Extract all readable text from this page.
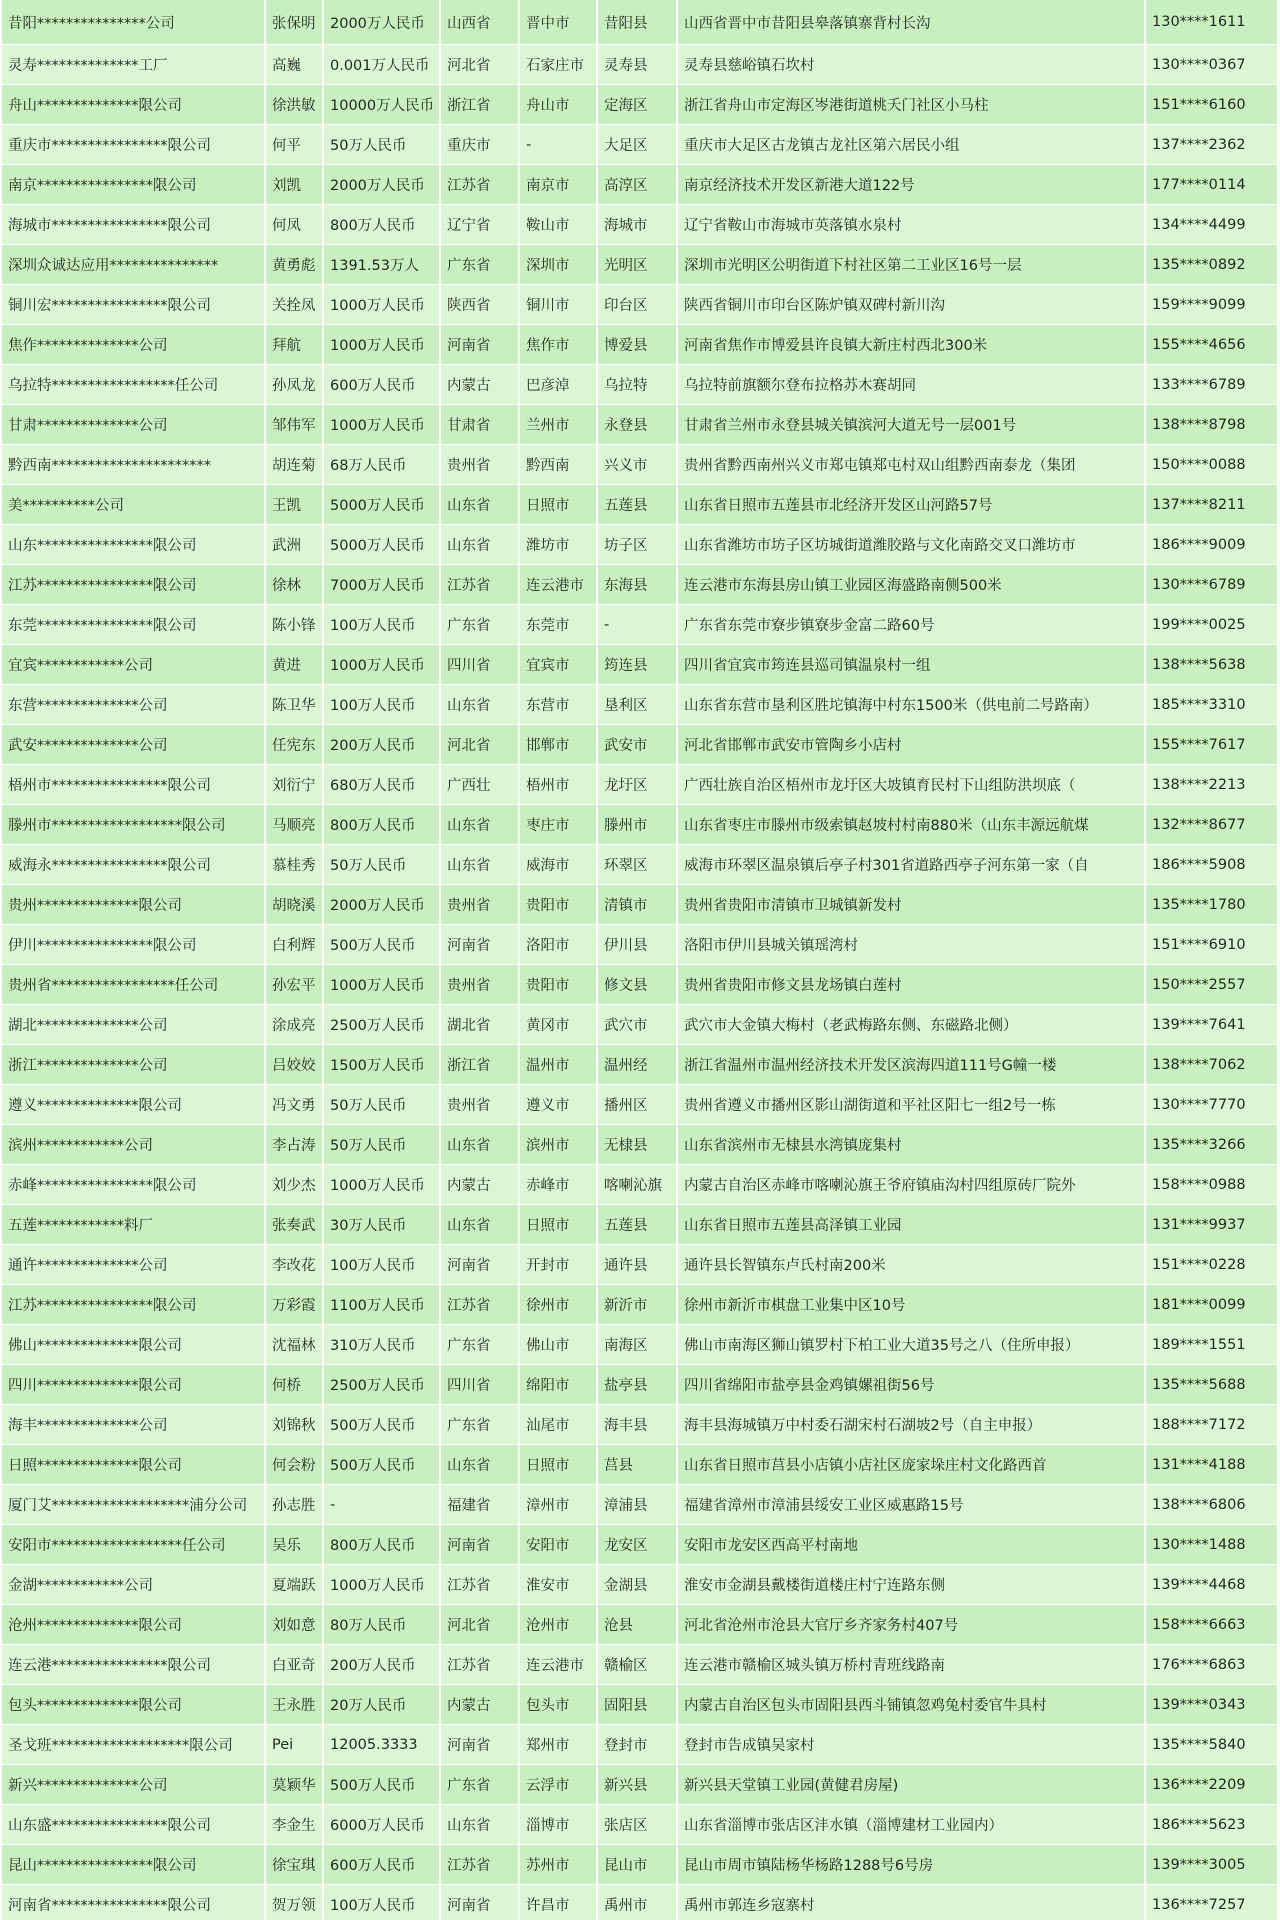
昔阳***************公司	张保明	2000万人民币	山西省	晋中市	昔阳县	山西省晋中市昔阳县皋落镇寨背村长沟	130****1611
灵寿**************工厂	高巍	0.001万人民币	河北省	石家庄市	灵寿县	灵寿县慈峪镇石坎村	130****0367
舟山**************限公司	徐洪敏	10000万人民币	浙江省	舟山市	定海区	浙江省舟山市定海区岑港街道桃夭门社区小马柱	151****6160
重庆市****************限公司	何平	50万人民币	重庆市	-	大足区	重庆市大足区古龙镇古龙社区第六居民小组	137****2362
南京****************限公司	刘凯	2000万人民币	江苏省	南京市	高淳区	南京经济技术开发区新港大道122号	177****0114
海城市****************限公司	何凤	800万人民币	辽宁省	鞍山市	海城市	辽宁省鞍山市海城市英落镇水泉村	134****4499
深圳众诚达应用***************	黄勇彪	1391.53万人	广东省	深圳市	光明区	深圳市光明区公明街道下村社区第二工业区16号一层	135****0892
铜川宏****************限公司	关拴凤	1000万人民币	陕西省	铜川市	印台区	陕西省铜川市印台区陈炉镇双碑村新川沟	159****9099
焦作**************公司	拜航	1000万人民币	河南省	焦作市	博爱县	河南省焦作市博爱县许良镇大新庄村西北300米	155****4656
乌拉特*****************任公司	孙凤龙	600万人民币	内蒙古	巴彦淖	乌拉特	乌拉特前旗额尔登布拉格苏木赛胡同	133****6789
甘肃**************公司	邹伟军	1000万人民币	甘肃省	兰州市	永登县	甘肃省兰州市永登县城关镇滨河大道无号一层001号	138****8798
黔西南**********************	胡连菊	68万人民币	贵州省	黔西南	兴义市	贵州省黔西南州兴义市郑屯镇郑屯村双山组黔西南泰龙（集团	150****0088
美**********公司	王凯	5000万人民币	山东省	日照市	五莲县	山东省日照市五莲县市北经济开发区山河路57号	137****8211
山东****************限公司	武洲	5000万人民币	山东省	潍坊市	坊子区	山东省潍坊市坊子区坊城街道潍胶路与文化南路交叉口潍坊市	186****9009
江苏****************限公司	徐林	7000万人民币	江苏省	连云港市	东海县	连云港市东海县房山镇工业园区海盛路南侧500米	130****6789
东莞****************限公司	陈小锋	100万人民币	广东省	东莞市	-	广东省东莞市寮步镇寮步金富二路60号	199****0025
宜宾************公司	黄进	1000万人民币	四川省	宜宾市	筠连县	四川省宜宾市筠连县巡司镇温泉村一组	138****5638
东营**************公司	陈卫华	100万人民币	山东省	东营市	垦利区	山东省东营市垦利区胜坨镇海中村东1500米（供电前二号路南）	185****3310
武安**************公司	任宪东	200万人民币	河北省	邯郸市	武安市	河北省邯郸市武安市管陶乡小店村	155****7617
梧州市****************限公司	刘衍宁	680万人民币	广西壮	梧州市	龙圩区	广西壮族自治区梧州市龙圩区大坡镇育民村下山组防洪坝底（	138****2213
滕州市******************限公司	马顺亮	800万人民币	山东省	枣庄市	滕州市	山东省枣庄市滕州市级索镇赵坡村村南880米（山东丰源远航煤	132****8677
威海永****************限公司	慕桂秀	50万人民币	山东省	威海市	环翠区	威海市环翠区温泉镇后亭子村301省道路西亭子河东第一家（自	186****5908
贵州**************限公司	胡晓溪	2000万人民币	贵州省	贵阳市	清镇市	贵州省贵阳市清镇市卫城镇新发村	135****1780
伊川****************限公司	白利辉	500万人民币	河南省	洛阳市	伊川县	洛阳市伊川县城关镇瑶湾村	151****6910
贵州省*****************任公司	孙宏平	1000万人民币	贵州省	贵阳市	修文县	贵州省贵阳市修文县龙场镇白莲村	150****2557
湖北**************公司	涂成亮	2500万人民币	湖北省	黄冈市	武穴市	武穴市大金镇大梅村（老武梅路东侧、东磁路北侧）	139****7641
浙江**************公司	吕姣姣	1500万人民币	浙江省	温州市	温州经	浙江省温州市温州经济技术开发区滨海四道111号G幢一楼	138****7062
遵义**************限公司	冯文勇	50万人民币	贵州省	遵义市	播州区	贵州省遵义市播州区影山湖街道和平社区阳七一组2号一栋	130****7770
滨州************公司	李占涛	50万人民币	山东省	滨州市	无棣县	山东省滨州市无棣县水湾镇庞集村	135****3266
赤峰****************限公司	刘少杰	1000万人民币	内蒙古	赤峰市	喀喇沁旗	内蒙古自治区赤峰市喀喇沁旗王爷府镇庙沟村四组原砖厂院外	158****0988
五莲************料厂	张奏武	30万人民币	山东省	日照市	五莲县	山东省日照市五莲县高泽镇工业园	131****9937
通许**************公司	李改花	100万人民币	河南省	开封市	通许县	通许县长智镇东卢氏村南200米	151****0228
江苏****************限公司	万彩霞	1100万人民币	江苏省	徐州市	新沂市	徐州市新沂市棋盘工业集中区10号	181****0099
佛山**************限公司	沈福林	310万人民币	广东省	佛山市	南海区	佛山市南海区狮山镇罗村下柏工业大道35号之八（住所申报）	189****1551
四川**************限公司	何桥	2500万人民币	四川省	绵阳市	盐亭县	四川省绵阳市盐亭县金鸡镇嫘祖街56号	135****5688
海丰**************公司	刘锦秋	500万人民币	广东省	汕尾市	海丰县	海丰县海城镇万中村委石湖宋村石湖坡2号（自主申报）	188****7172
日照**************限公司	何会粉	500万人民币	山东省	日照市	莒县	山东省日照市莒县小店镇小店社区庞家垛庄村文化路西首	131****4188
厦门艾*******************浦分公司	孙志胜	-	福建省	漳州市	漳浦县	福建省漳州市漳浦县绥安工业区威惠路15号	138****6806
安阳市******************任公司	吴乐	800万人民币	河南省	安阳市	龙安区	安阳市龙安区西高平村南地	130****1488
金湖************公司	夏端跃	1000万人民币	江苏省	淮安市	金湖县	淮安市金湖县戴楼街道楼庄村宁连路东侧	139****4468
沧州**************限公司	刘如意	80万人民币	河北省	沧州市	沧县	河北省沧州市沧县大官厅乡齐家务村407号	158****6663
连云港****************限公司	白亚奇	200万人民币	江苏省	连云港市	赣榆区	连云港市赣榆区城头镇万桥村青班线路南	176****6863
包头**************限公司	王永胜	20万人民币	内蒙古	包头市	固阳县	内蒙古自治区包头市固阳县西斗铺镇忽鸡兔村委官牛具村	139****0343
圣戈班*******************限公司	Pei	12005.3333	河南省	郑州市	登封市	登封市告成镇吴家村	135****5840
新兴**************公司	莫颖华	500万人民币	广东省	云浮市	新兴县	新兴县天堂镇工业园(黄健君房屋)	136****2209
山东盛****************限公司	李金生	6000万人民币	山东省	淄博市	张店区	山东省淄博市张店区沣水镇（淄博建材工业园内）	186****5623
昆山****************限公司	徐宝琪	600万人民币	江苏省	苏州市	昆山市	昆山市周市镇陆杨华杨路1288号6号房	139****3005
河南省****************限公司	贺万领	100万人民币	河南省	许昌市	禹州市	禹州市郭连乡寇寨村	136****7257
